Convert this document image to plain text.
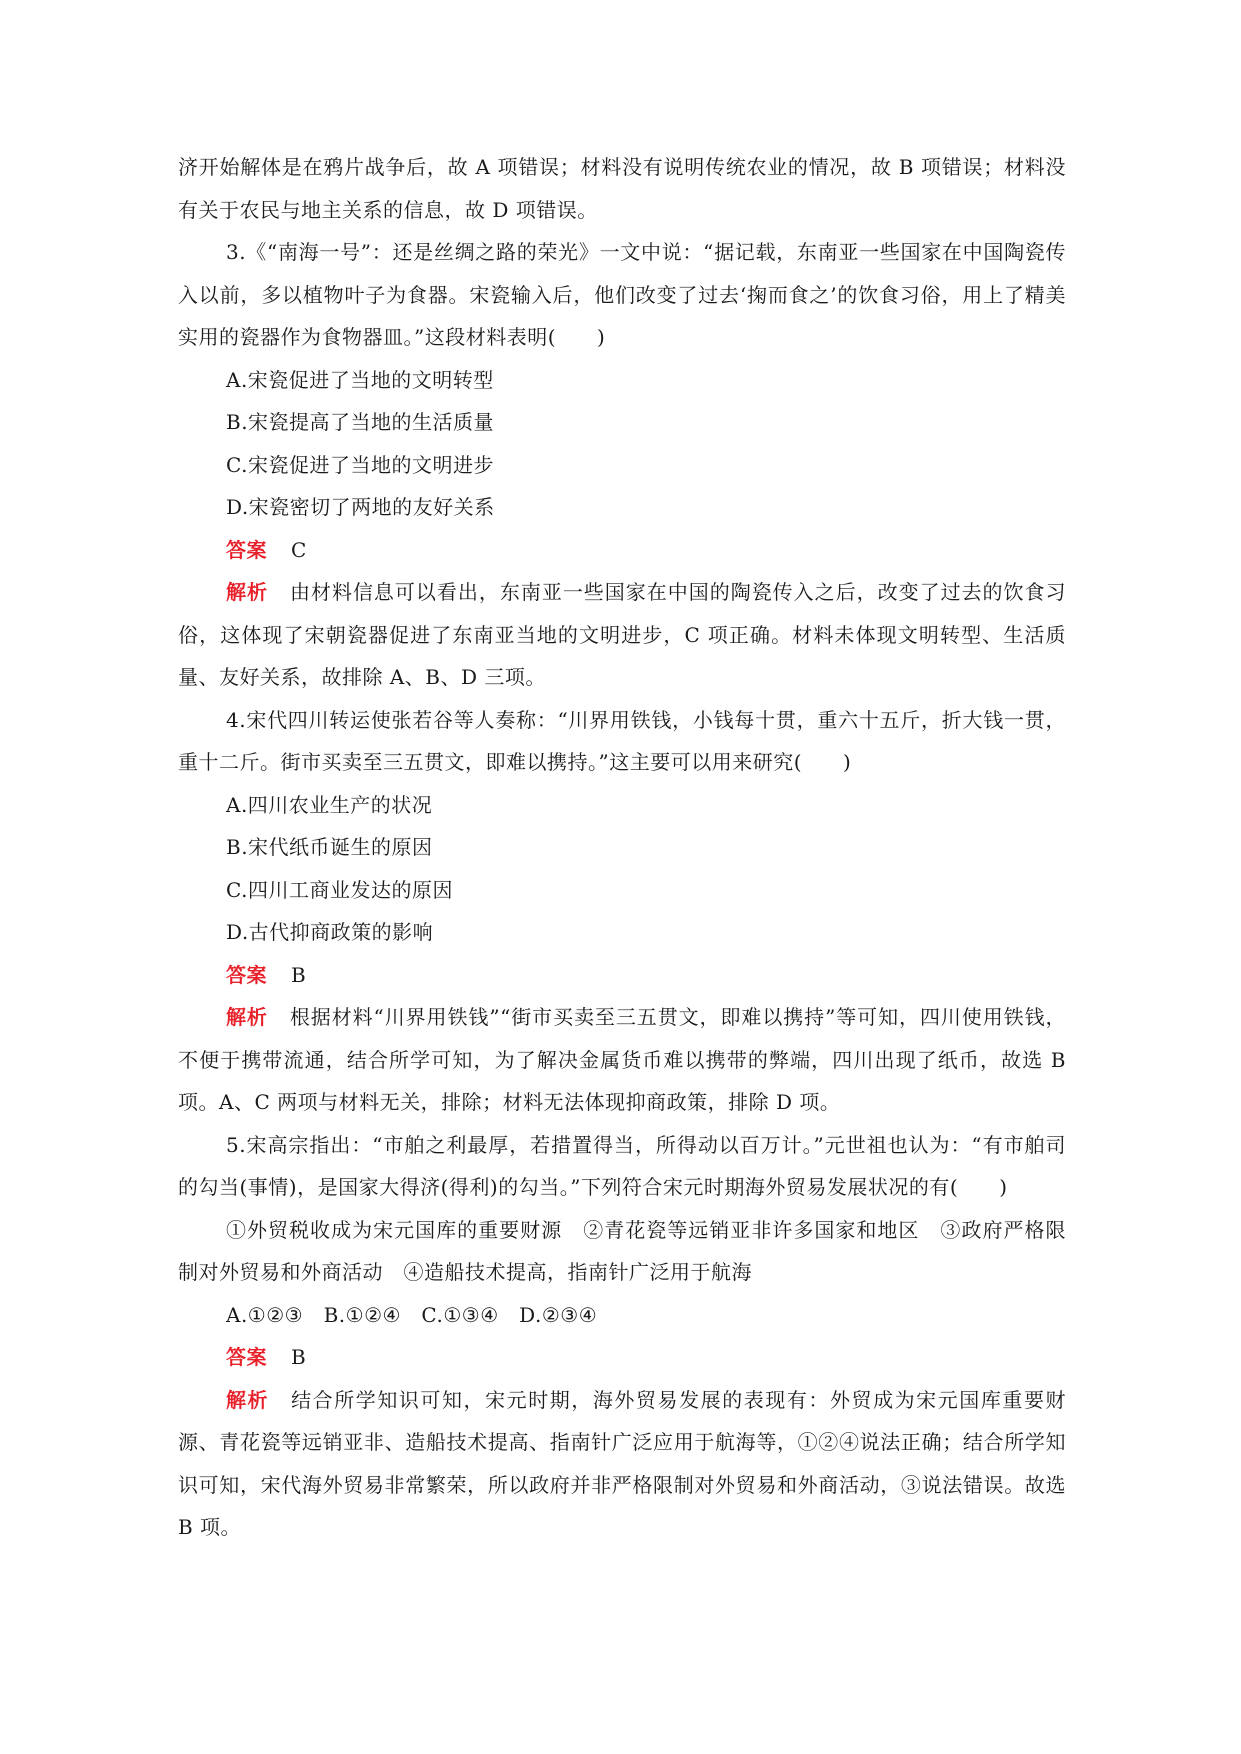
济开始解体是在鸦片战争后，故 A 项错误；材料没有说明传统农业的情况，故 B 项错误；材料没有关于农民与地主关系的信息，故 D 项错误。

3.《“南海一号”：还是丝绸之路的荣光》一文中说：“据记载，东南亚一些国家在中国陶瓷传入以前，多以植物叶子为食器。宋瓷输入后，他们改变了过去‘掬而食之’的饮食习俗，用上了精美实用的瓷器作为食物器皿。”这段材料表明(　　)

A.宋瓷促进了当地的文明转型

B.宋瓷提高了当地的生活质量

C.宋瓷促进了当地的文明进步

D.宋瓷密切了两地的友好关系

答案 C

解析 由材料信息可以看出，东南亚一些国家在中国的陶瓷传入之后，改变了过去的饮食习俗，这体现了宋朝瓷器促进了东南亚当地的文明进步，C 项正确。材料未体现文明转型、生活质量、友好关系，故排除 A、B、D 三项。

4.宋代四川转运使张若谷等人奏称：“川界用铁钱，小钱每十贯，重六十五斤，折大钱一贯，重十二斤。街市买卖至三五贯文，即难以携持。”这主要可以用来研究(　　)

A.四川农业生产的状况

B.宋代纸币诞生的原因

C.四川工商业发达的原因

D.古代抑商政策的影响

答案 B

解析 根据材料“川界用铁钱”“街市买卖至三五贯文，即难以携持”等可知，四川使用铁钱，不便于携带流通，结合所学可知，为了解决金属货币难以携带的弊端，四川出现了纸币，故选 B 项。A、C 两项与材料无关，排除；材料无法体现抑商政策，排除 D 项。

5.宋高宗指出：“市舶之利最厚，若措置得当，所得动以百万计。”元世祖也认为：“有市舶司的勾当(事情)，是国家大得济(得利)的勾当。”下列符合宋元时期海外贸易发展状况的有(　　)

①外贸税收成为宋元国库的重要财源　②青花瓷等远销亚非许多国家和地区　③政府严格限制对外贸易和外商活动　④造船技术提高，指南针广泛用于航海

A.①②③　B.①②④　C.①③④　D.②③④

答案 B

解析 结合所学知识可知，宋元时期，海外贸易发展的表现有：外贸成为宋元国库重要财源、青花瓷等远销亚非、造船技术提高、指南针广泛应用于航海等，①②④说法正确；结合所学知识可知，宋代海外贸易非常繁荣，所以政府并非严格限制对外贸易和外商活动，③说法错误。故选 B 项。
